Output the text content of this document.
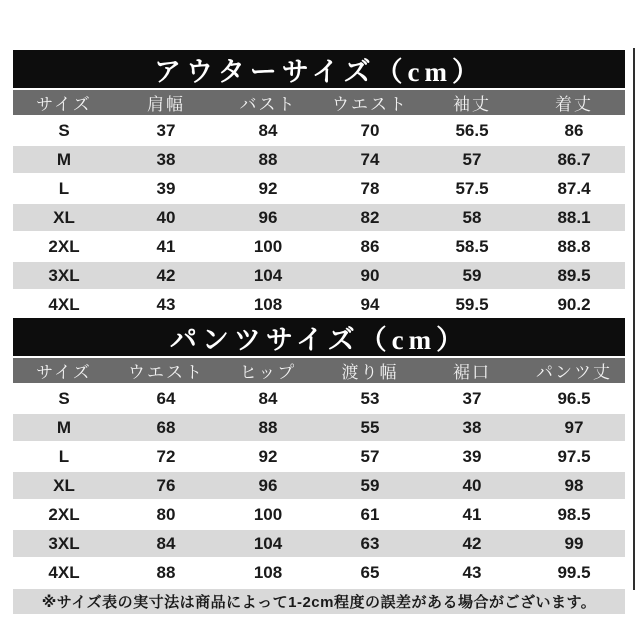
アウターサイズ（cm）
サイズ	肩幅	バスト	ウエスト	袖丈	着丈
S	37	84	70	56.5	86
M	38	88	74	57	86.7
L	39	92	78	57.5	87.4
XL	40	96	82	58	88.1
2XL	41	100	86	58.5	88.8
3XL	42	104	90	59	89.5
4XL	43	108	94	59.5	90.2
パンツサイズ（cm）
サイズ	ウエスト	ヒップ	渡り幅	裾口	パンツ丈
S	64	84	53	37	96.5
M	68	88	55	38	97
L	72	92	57	39	97.5
XL	76	96	59	40	98
2XL	80	100	61	41	98.5
3XL	84	104	63	42	99
4XL	88	108	65	43	99.5
※サイズ表の実寸法は商品によって1-2cm程度の誤差がある場合がございます。
